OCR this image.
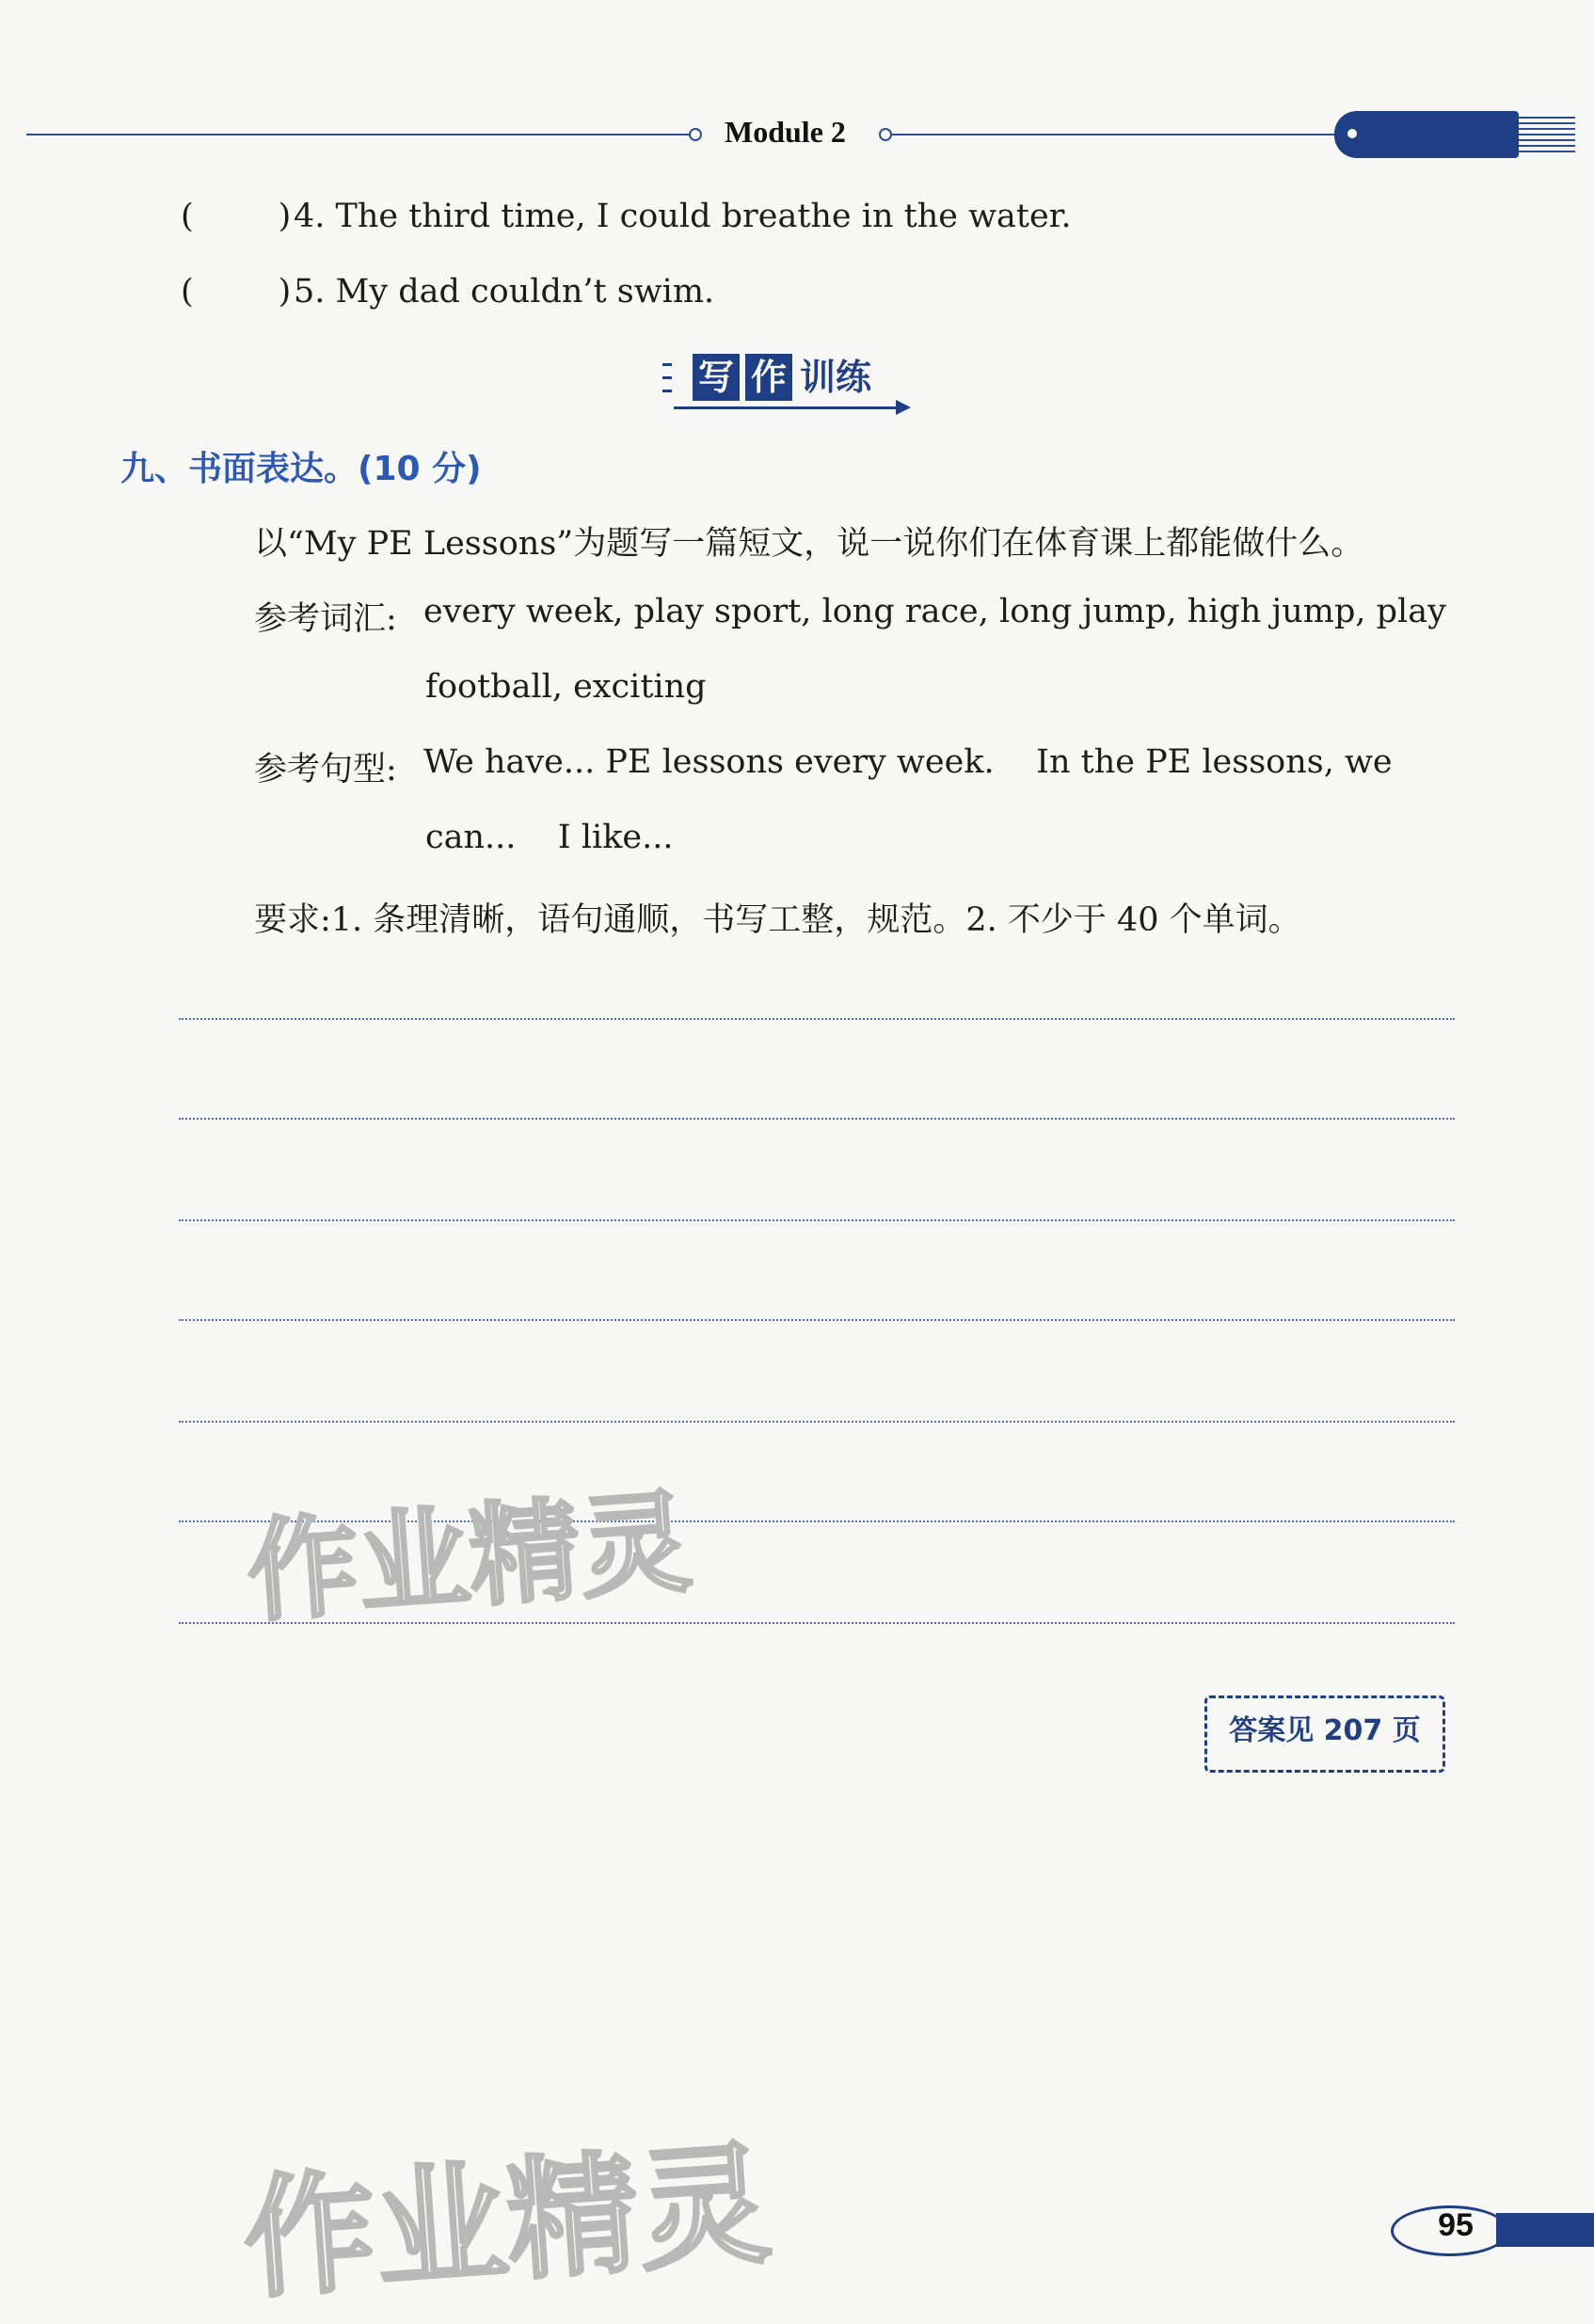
Module 2
(	)4. The third time, I could breathe in the water.
(	)5. My dad couldn’t swim.
写 作 训练
九、书面表达。(10 分)
以“My PE Lessons”为题写一篇短文，说一说你们在体育课上都能做什么。
参考词汇: every week, play sport, long race, long jump, high jump, play
football, exciting
参考句型: We have... PE lessons every week.    In the PE lessons, we
can...    I like...
要求:1. 条理清晰，语句通顺，书写工整，规范。2. 不少于 40 个单词。
作业精灵
作业精灵
答案见 207 页
95
